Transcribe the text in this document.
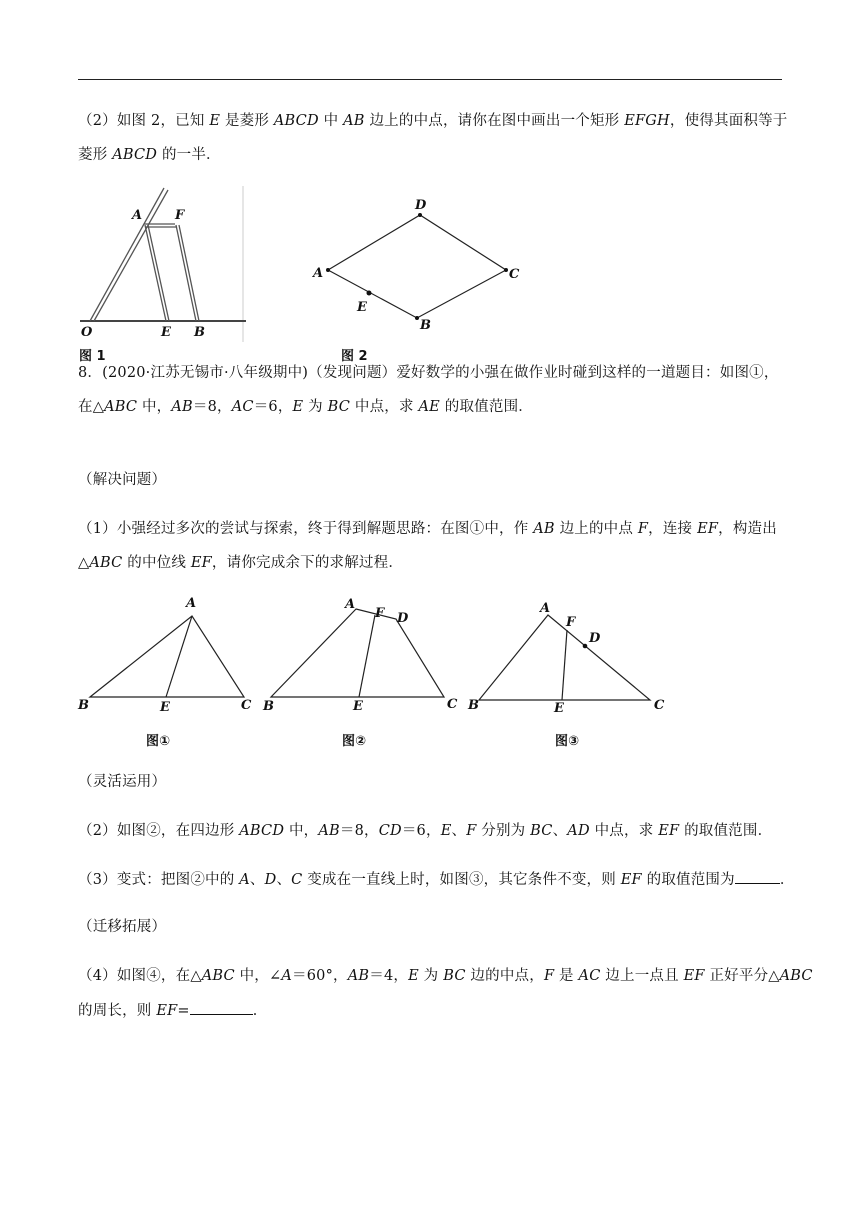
（2）如图 2，已知 E 是菱形 ABCD 中 AB 边上的中点，请你在图中画出一个矩形 EFGH，使得其面积等于
菱形 ABCD 的一半．
A	F
O	E B
图 1
D
A	C
B
E
图 2
8．(2020·江苏无锡市·八年级期中)（发现问题）爱好数学的小强在做作业时碰到这样的一道题目：如图①，
在△ABC 中，AB＝8，AC＝6，E 为 BC 中点，求 AE 的取值范围．
（解决问题）
（1）小强经过多次的尝试与探索，终于得到解题思路：在图①中，作 AB 边上的中点 F，连接 EF，构造出
△ABC 的中位线 EF，请你完成余下的求解过程．
A
B	E	C
图①
A
F D
B	E	C
图②
A
F
D
B	E	C
图③
（灵活运用）
（2）如图②，在四边形 ABCD 中，AB＝8，CD＝6，E、F 分别为 BC、AD 中点，求 EF 的取值范围．
（3）变式：把图②中的 A、D、C 变成在一直线上时，如图③，其它条件不变，则 EF 的取值范围为	．
（迁移拓展）
（4）如图④，在△ABC 中，∠A＝60°，AB＝4，E 为 BC 边的中点，F 是 AC 边上一点且 EF 正好平分△ABC
的周长，则 EF=	．
